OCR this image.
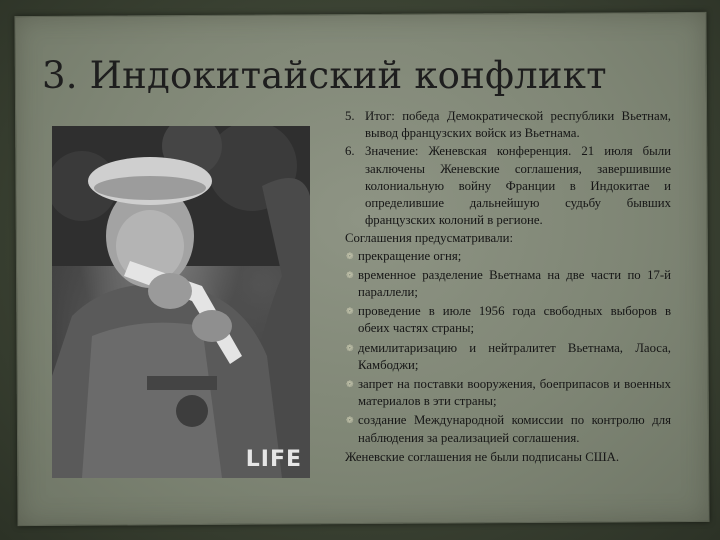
3. Индокитайский конфликт
LIFE
5. Итог: победа Демократической республики Вьетнам, вывод французских войск из Вьетнама.
6. Значение: Женевская конференция. 21 июля были заключены Женевские соглашения, завершившие колониальную войну Франции в Индокитае и определившие дальнейшую судьбу бывших французских колоний в регионе.

Соглашения предусматривали:

❁ прекращение огня;
❁ временное разделение Вьетнама на две части по 17-й параллели;
❁ проведение в июле 1956 года свободных выборов в обеих частях страны;
❁ демилитаризацию и нейтралитет Вьетнама, Лаоса, Камбоджи;
❁ запрет на поставки вооружения, боеприпасов и военных материалов в эти страны;
❁ создание Международной комиссии по контролю для наблюдения за реализацией соглашения.

Женевские соглашения не были подписаны США.
